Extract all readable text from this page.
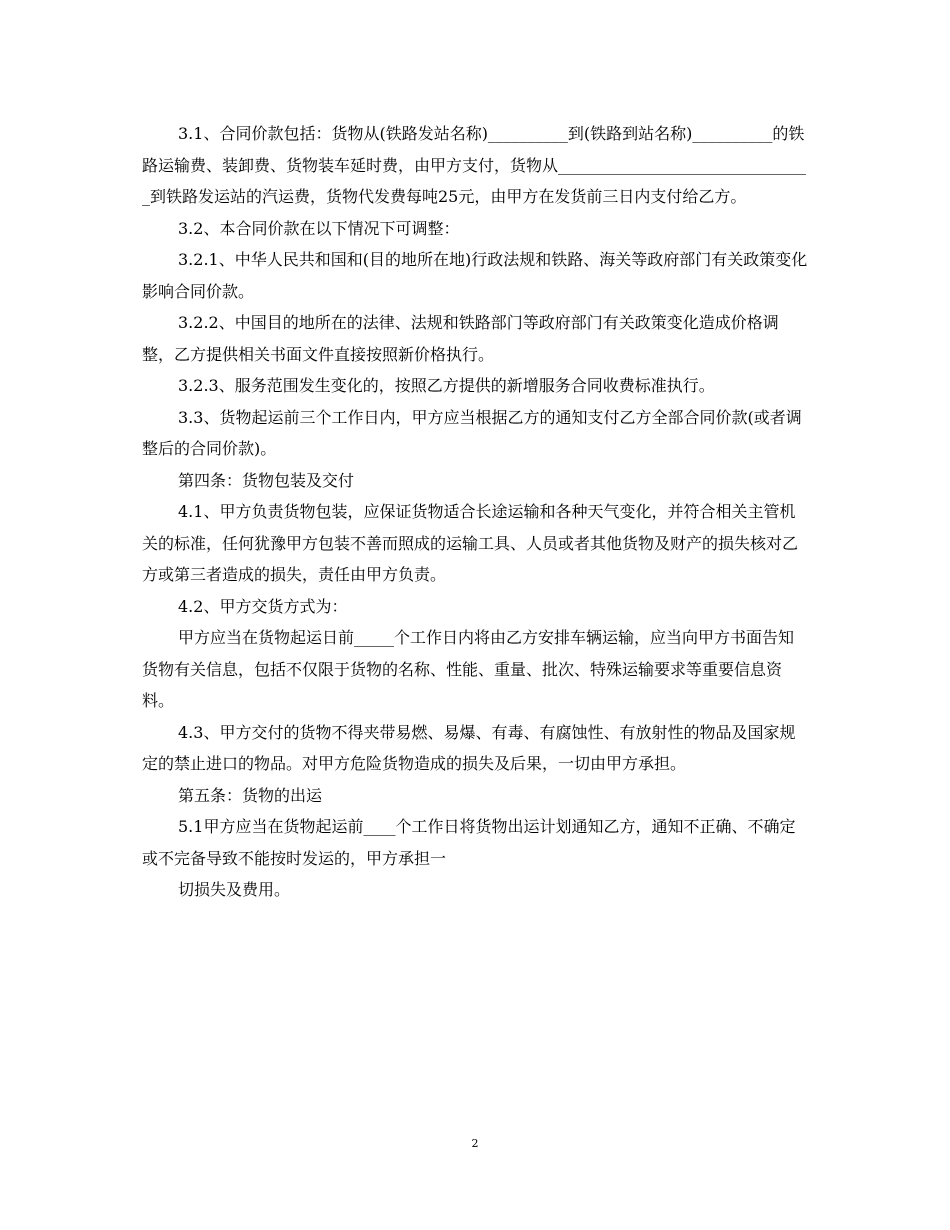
3.1、合同价款包括：货物从(铁路发站名称)__________到(铁路到站名称)__________的铁路运输费、装卸费、货物装车延时费，由甲方支付，货物从________________________________到铁路发运站的汽运费，货物代发费每吨25元，由甲方在发货前三日内支付给乙方。

3.2、本合同价款在以下情况下可调整：

3.2.1、中华人民共和国和(目的地所在地)行政法规和铁路、海关等政府部门有关政策变化影响合同价款。

3.2.2、中国目的地所在的法律、法规和铁路部门等政府部门有关政策变化造成价格调整，乙方提供相关书面文件直接按照新价格执行。

3.2.3、服务范围发生变化的，按照乙方提供的新增服务合同收费标准执行。

3.3、货物起运前三个工作日内，甲方应当根据乙方的通知支付乙方全部合同价款(或者调整后的合同价款)。

第四条：货物包装及交付

4.1、甲方负责货物包装，应保证货物适合长途运输和各种天气变化，并符合相关主管机关的标准，任何犹豫甲方包装不善而照成的运输工具、人员或者其他货物及财产的损失核对乙方或第三者造成的损失，责任由甲方负责。

4.2、甲方交货方式为：

甲方应当在货物起运日前_____个工作日内将由乙方安排车辆运输，应当向甲方书面告知货物有关信息，包括不仅限于货物的名称、性能、重量、批次、特殊运输要求等重要信息资料。

4.3、甲方交付的货物不得夹带易燃、易爆、有毒、有腐蚀性、有放射性的物品及国家规定的禁止进口的物品。对甲方危险货物造成的损失及后果，一切由甲方承担。

第五条：货物的出运

5.1甲方应当在货物起运前____个工作日将货物出运计划通知乙方，通知不正确、不确定或不完备导致不能按时发运的，甲方承担一

切损失及费用。

2
